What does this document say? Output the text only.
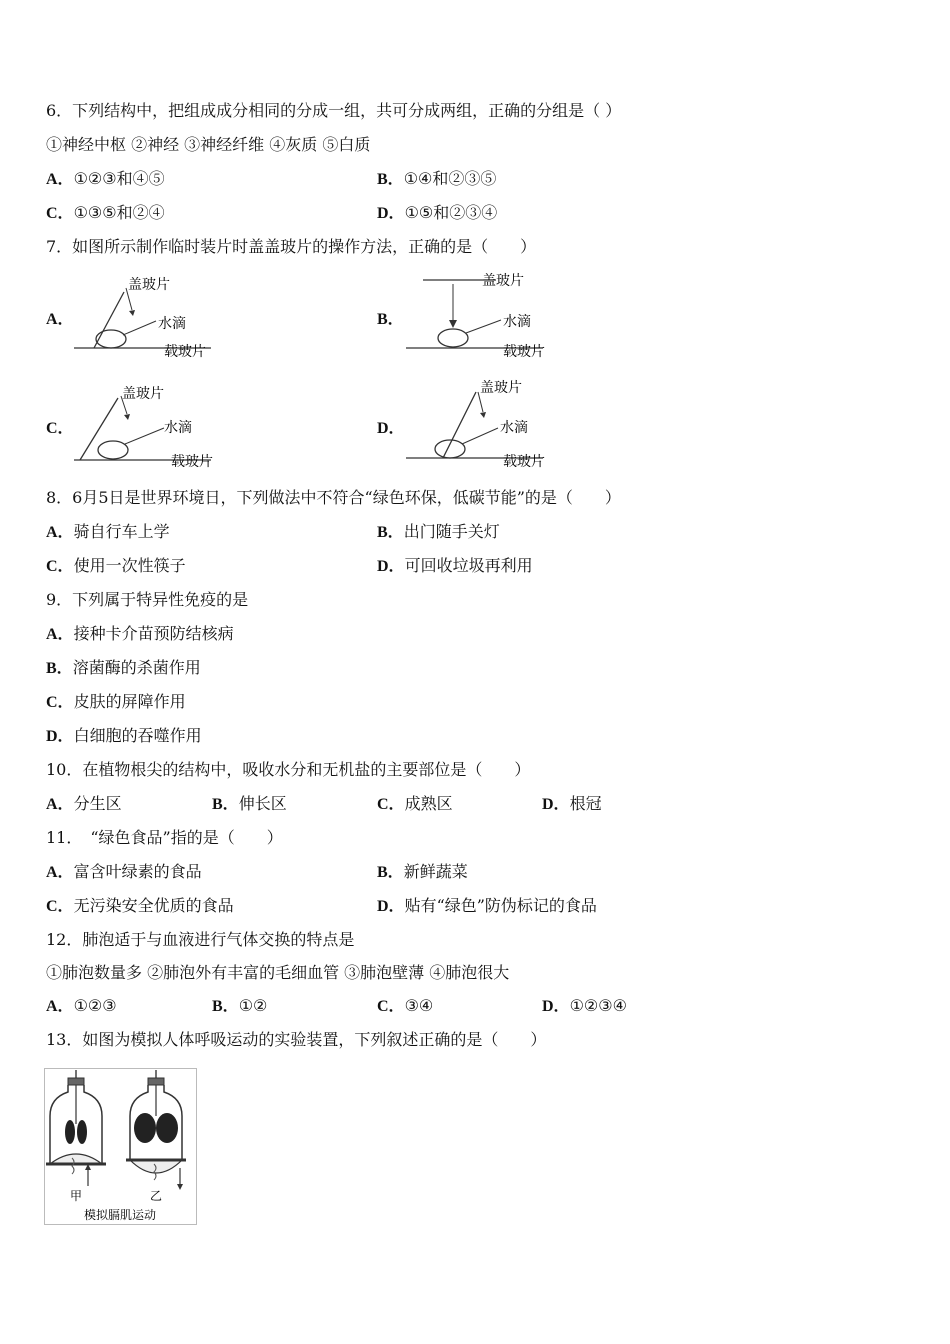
6．下列结构中，把组成成分相同的分成一组，共可分成两组，正确的分组是（ ）
①神经中枢 ②神经 ③神经纤维 ④灰质 ⑤白质
A．①②③和④⑤	B．①④和②③⑤
C．①③⑤和②④	D．①⑤和②③④
7．如图所示制作临时装片时盖盖玻片的操作方法，正确的是（　　）
A．
盖玻片
水滴
载玻片
B．
盖玻片
水滴
载玻片
C．
盖玻片
水滴
载玻片
D．
盖玻片
水滴
载玻片
8．6月5日是世界环境日，下列做法中不符合“绿色环保，低碳节能”的是（　　）
A．骑自行车上学	B．出门随手关灯
C．使用一次性筷子	D．可回收垃圾再利用
9．下列属于特异性免疫的是
A．接种卡介苗预防结核病
B．溶菌酶的杀菌作用
C．皮肤的屏障作用
D．白细胞的吞噬作用
10．在植物根尖的结构中，吸收水分和无机盐的主要部位是（　　）
A．分生区	B．伸长区	C．成熟区	D．根冠
11．　“绿色食品”指的是（　　）
A．富含叶绿素的食品	B．新鲜蔬菜
C．无污染安全优质的食品	D．贴有“绿色”防伪标记的食品
12．肺泡适于与血液进行气体交换的特点是
①肺泡数量多 ②肺泡外有丰富的毛细血管 ③肺泡壁薄 ④肺泡很大
A．①②③	B．①②	C．③④	D．①②③④
13．如图为模拟人体呼吸运动的实验装置，下列叙述正确的是（　　）
甲	乙
模拟膈肌运动
